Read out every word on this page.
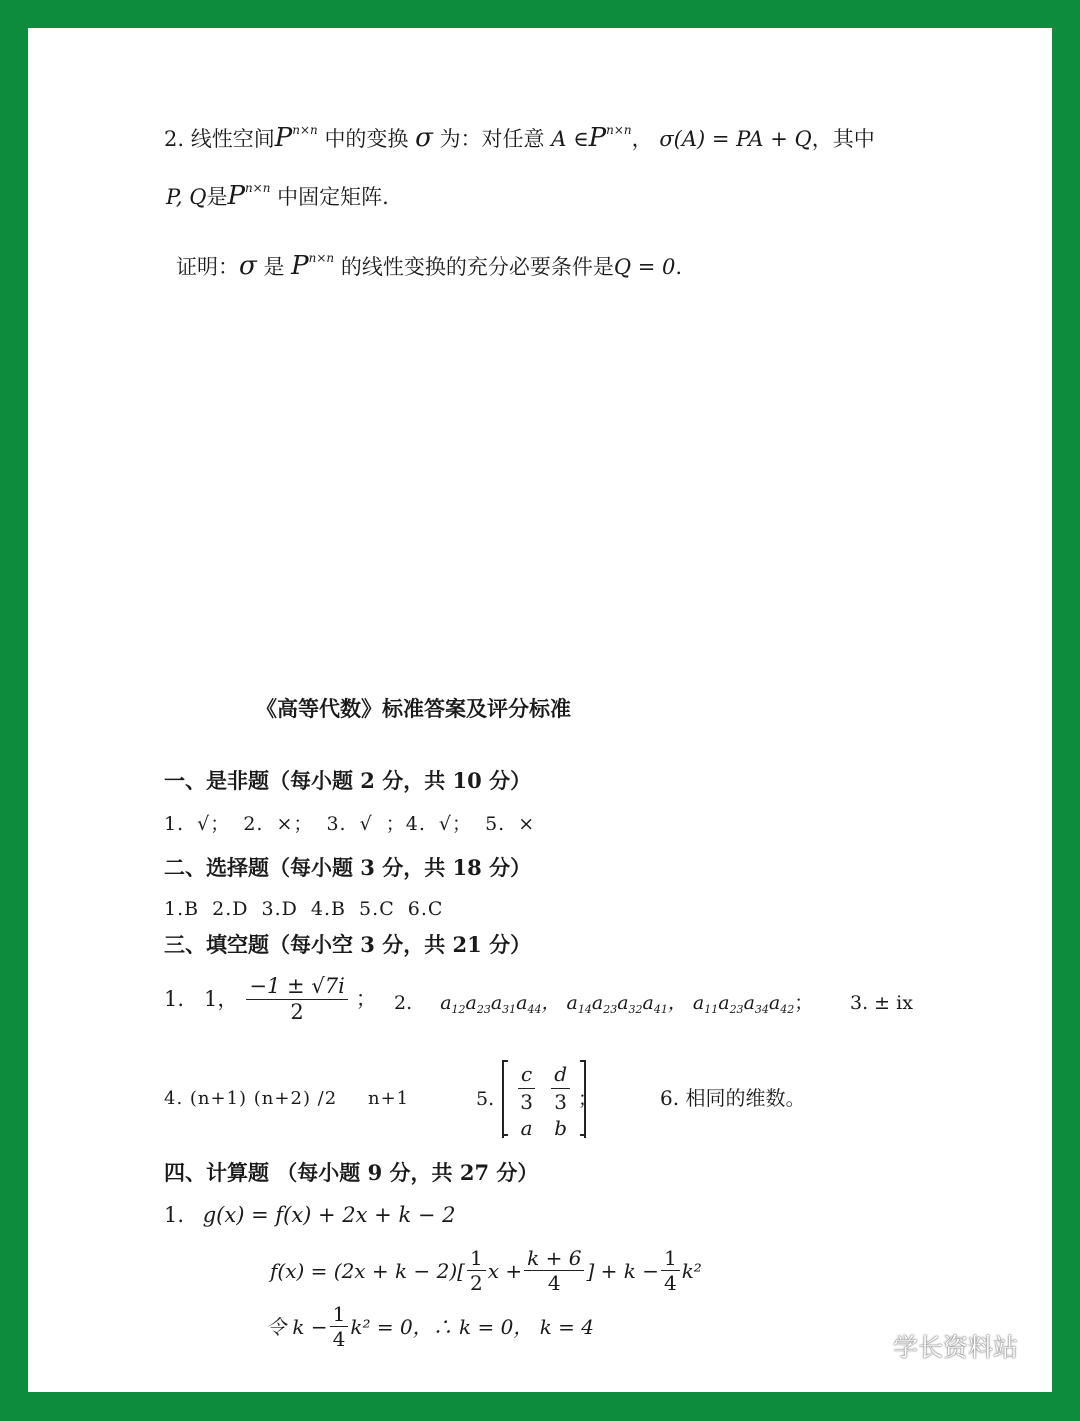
2. 线性空间$P^{n\times n}$ 中的变换 σ 为：对任意 A $\in P^{n\times n}$， σ(A) = PA + Q，其中
P, Q是$P^{n\times n}$ 中固定矩阵.
证明：σ 是 $P^{n\times n}$ 的线性变换的充分必要条件是Q = 0.
《高等代数》标准答案及评分标准
一、是非题（每小题 2 分，共 10 分）
1. √； 2. ×； 3. √ ；4. √； 5. ×
二、选择题（每小题 3 分，共 18 分）
1.B 2.D 3.D 4.B 5.C 6.C
三、填空题（每小空 3 分，共 21 分）
1. 1， $\frac{-1 \pm √7i}{2}$ ； 2. $a_{12}a_{23}a_{31}a_{44}$， $a_{14}a_{23}a_{32}a_{41}$， $a_{11}a_{23}a_{34}a_{42}$； 3. ± ix
4. (n+1) (n+2) /2 n+1	5.
c
3
a
d
3
b
；	6. 相同的维数。
四、计算题 （每小题 9 分，共 27 分）
1. g(x) = f(x) + 2x + k − 2
$f(x) = (2x + k - 2)[ \frac{1}{2}$ $x + \frac{k + 6}{4}$ ] + $k - \frac{1}{4} k^2$
令 $k - \frac{1}{4} k^2 = 0$，∴ k = 0， k = 4
学长资料站
